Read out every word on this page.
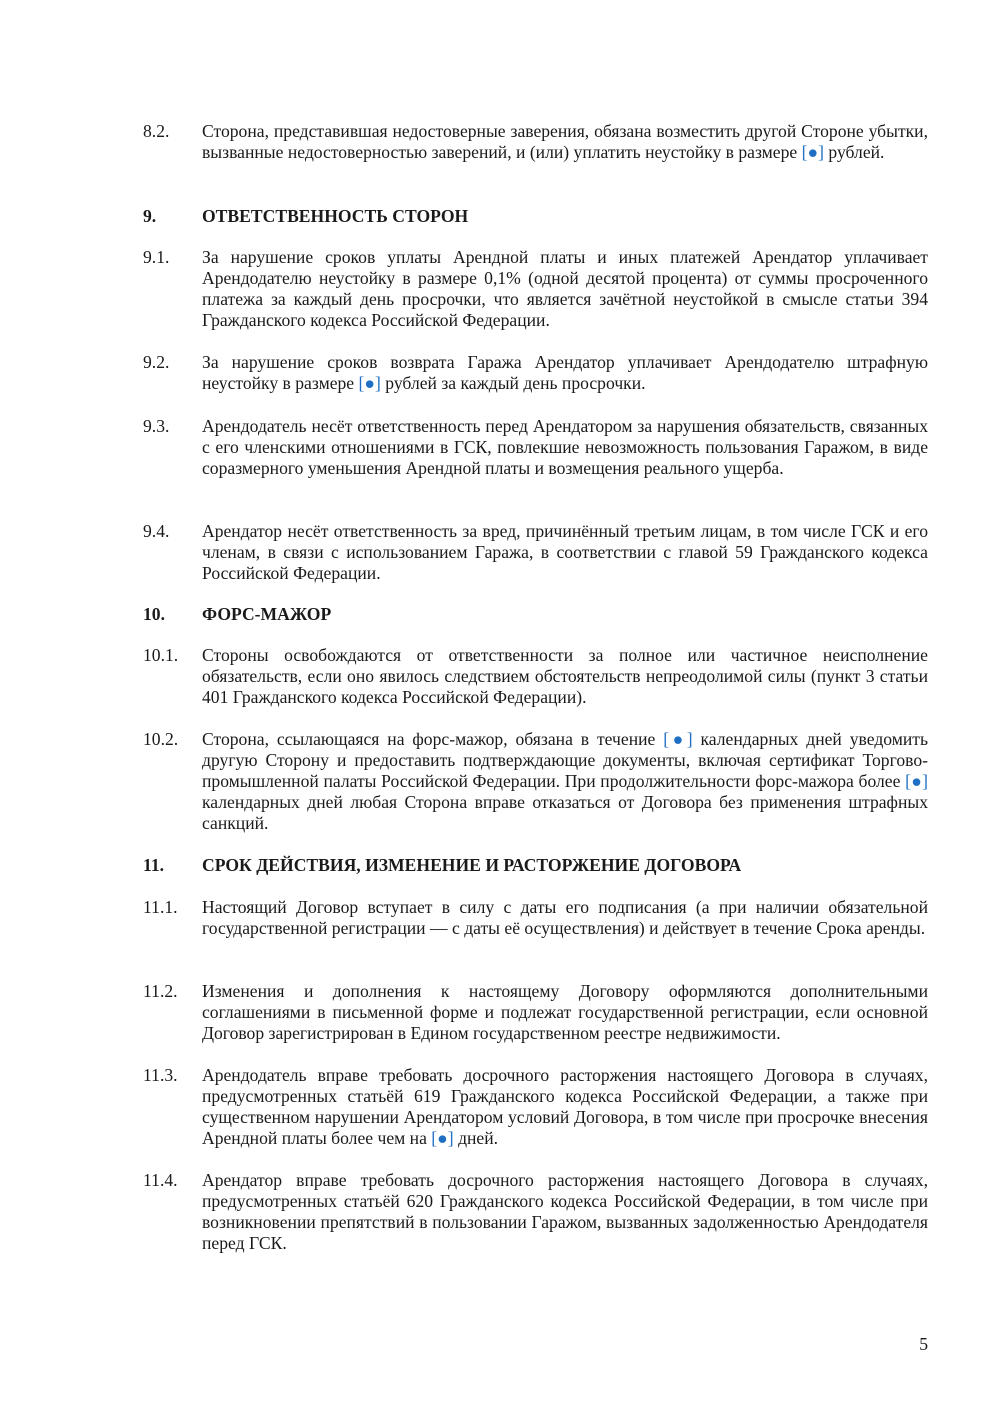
8.2. Сторона, представившая недостоверные заверения, обязана возместить другой Стороне убытки, вызванные недостоверностью заверений, и (или) уплатить неустойку в размере [●] рублей.
9.	ОТВЕТСТВЕННОСТЬ СТОРОН
9.1. За нарушение сроков уплаты Арендной платы и иных платежей Арендатор уплачивает Арендодателю неустойку в размере 0,1% (одной десятой процента) от суммы просроченного платежа за каждый день просрочки, что является зачётной неустойкой в смысле статьи 394 Гражданского кодекса Российской Федерации.
9.2. За нарушение сроков возврата Гаража Арендатор уплачивает Арендодателю штрафную неустойку в размере [●] рублей за каждый день просрочки.
9.3. Арендодатель несёт ответственность перед Арендатором за нарушения обязательств, связанных с его членскими отношениями в ГСК, повлекшие невозможность пользования Гаражом, в виде соразмерного уменьшения Арендной платы и возмещения реального ущерба.
9.4. Арендатор несёт ответственность за вред, причинённый третьим лицам, в том числе ГСК и его членам, в связи с использованием Гаража, в соответствии с главой 59 Гражданского кодекса Российской Федерации.
10. ФОРС-МАЖОР
10.1. Стороны освобождаются от ответственности за полное или частичное неисполнение обязательств, если оно явилось следствием обстоятельств непреодолимой силы (пункт 3 статьи 401 Гражданского кодекса Российской Федерации).
10.2. Сторона, ссылающаяся на форс-мажор, обязана в течение [●] календарных дней уведомить другую Сторону и предоставить подтверждающие документы, включая сертификат Торгово-промышленной палаты Российской Федерации. При продолжительности форс-мажора более [●] календарных дней любая Сторона вправе отказаться от Договора без применения штрафных санкций.
11. СРОК ДЕЙСТВИЯ, ИЗМЕНЕНИЕ И РАСТОРЖЕНИЕ ДОГОВОРА
11.1. Настоящий Договор вступает в силу с даты его подписания (а при наличии обязательной государственной регистрации — с даты её осуществления) и действует в течение Срока аренды.
11.2. Изменения и дополнения к настоящему Договору оформляются дополнительными соглашениями в письменной форме и подлежат государственной регистрации, если основной Договор зарегистрирован в Едином государственном реестре недвижимости.
11.3. Арендодатель вправе требовать досрочного расторжения настоящего Договора в случаях, предусмотренных статьёй 619 Гражданского кодекса Российской Федерации, а также при существенном нарушении Арендатором условий Договора, в том числе при просрочке внесения Арендной платы более чем на [●] дней.
11.4. Арендатор вправе требовать досрочного расторжения настоящего Договора в случаях, предусмотренных статьёй 620 Гражданского кодекса Российской Федерации, в том числе при возникновении препятствий в пользовании Гаражом, вызванных задолженностью Арендодателя перед ГСК.
5
